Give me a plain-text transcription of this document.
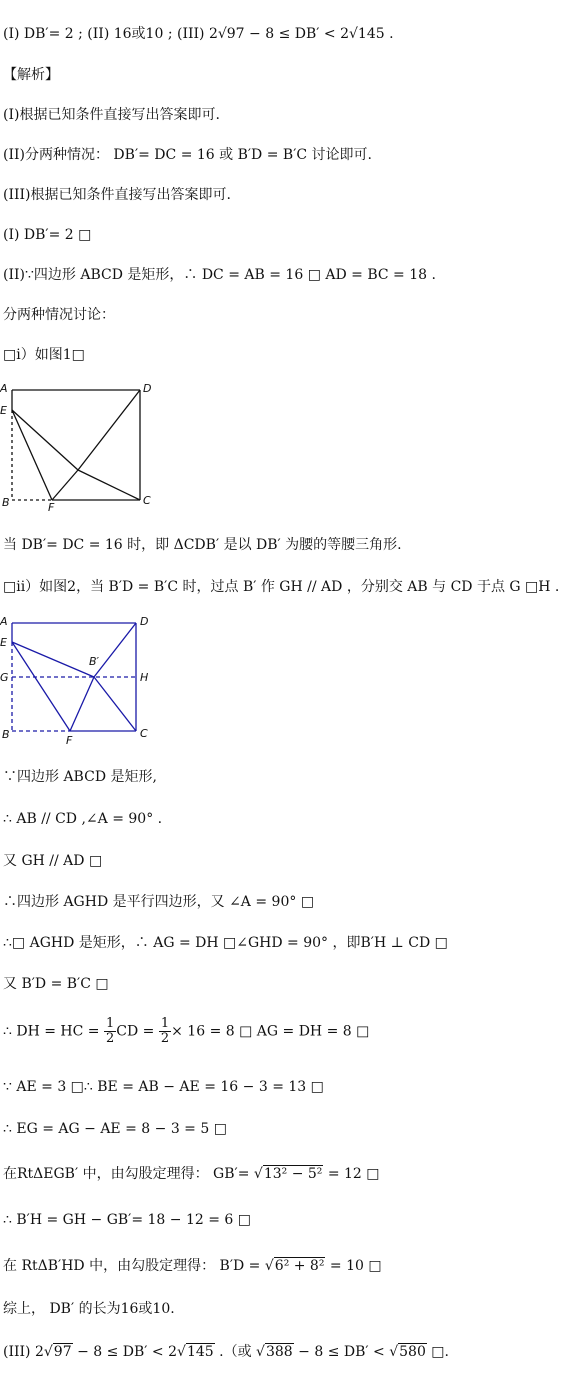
(I) DB′= 2 ; (II) 16或10 ; (III) 2√97 − 8 ≤ DB′ < 2√145 .
【解析】
(I)根据已知条件直接写出答案即可.
(II)分两种情况： DB′= DC = 16 或 B′D = B′C 讨论即可.
(III)根据已知条件直接写出答案即可.
(I) DB′= 2 □
(II)∵四边形 ABCD 是矩形，∴ DC = AB = 16 □ AD = BC = 18 .
分两种情况讨论：
□i）如图1□
A
E
D
B	F
C
当 DB′= DC = 16 时，即 ΔCDB′ 是以 DB′ 为腰的等腰三角形.
□ii）如图2，当 B′D = B′C 时，过点 B′ 作 GH // AD ，分别交 AB 与 CD 于点 G □H .
A
E
G
B	F
D
H
C
B′
∵四边形 ABCD 是矩形,
∴ AB // CD ,∠A = 90° .
又 GH // AD □
∴四边形 AGHD 是平行四边形，又 ∠A = 90° □
∴□ AGHD 是矩形，∴ AG = DH □∠GHD = 90° ，即B′H ⊥ CD □
又 B′D = B′C □
∴ DH = HC = $\frac{1}{2}$ CD = $\frac{1}{2} \times 16 = 8$ □ AG = DH = 8 □
∵ AE = 3 □∴ BE = AB − AE = 16 − 3 = 13 □
∴ EG = AG − AE = 8 − 3 = 5 □
在RtΔEGB′ 中，由勾股定理得： GB′= √13² − 5² = 12 □
∴ B′H = GH − GB′= 18 − 12 = 6 □
在 RtΔB′HD 中，由勾股定理得： B′D = √6² + 8² = 10 □
综上， DB′ 的长为16或10.
(III) 2√97 − 8 ≤ DB′ < 2√145 .（或 √388 − 8 ≤ DB′ < √580 □.
